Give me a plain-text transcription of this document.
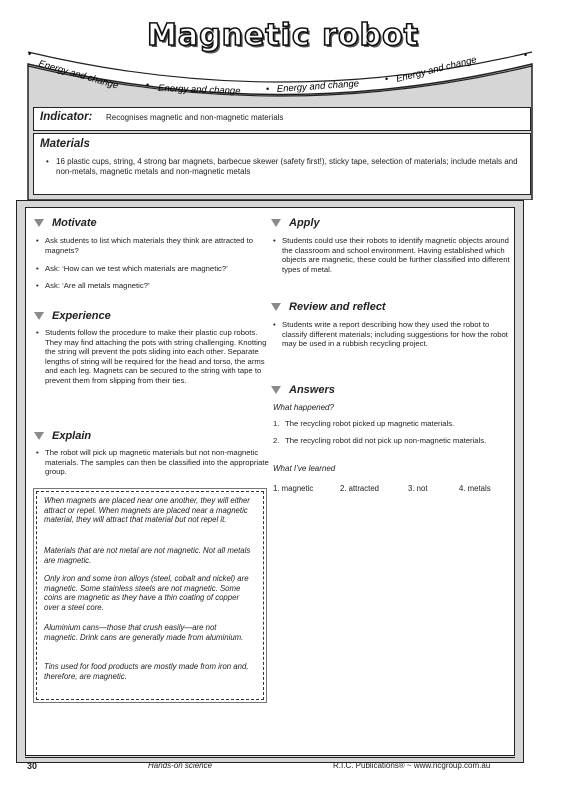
Magnetic robot
•
Energy and change	• Energy and change	• Energy and change	• Energy and change	•
Indicator: Recognises magnetic and non-magnetic materials
Materials
• 16 plastic cups, string, 4 strong bar magnets, barbecue skewer (safety first!), sticky tape, selection of materials; include metals and non-metals, magnetic metals and non-magnetic metals
Motivate
• Ask students to list which materials they think are attracted to magnets?
• Ask: ‘How can we test which materials are magnetic?’
• Ask: ‘Are all metals magnetic?’
Experience
• Students follow the procedure to make their plastic cup robots. They may find attaching the pots with string challenging. Knotting the string will prevent the pots sliding into each other. Separate lengths of string will be required for the head and torso, the arms and each leg. Magnets can be secured to the string with tape to prevent them from slipping from their ties.
Explain
• The robot will pick up magnetic materials but not non-magnetic materials. The samples can then be classified into the appropriate group.
When magnets are placed near one another, they will either attract or repel. When magnets are placed near a magnetic material, they will attract that material but not repel it.
Materials that are not metal are not magnetic. Not all metals are magnetic.
Only iron and some iron alloys (steel, cobalt and nickel) are magnetic. Some stainless steels are not magnetic. Some coins are magnetic as they have a thin coating of copper over a steel core.
Aluminium cans—those that crush easily—are not magnetic. Drink cans are generally made from aluminium.
Tins used for food products are mostly made from iron and, therefore, are magnetic.
Apply
• Students could use their robots to identify magnetic objects around the classroom and school environment. Having established which objects are magnetic, these could be further classified into different types of metal.
Review and reflect
• Students write a report describing how they used the robot to classify different materials; including suggestions for how the robot may be used in a rubbish recycling project.
Answers
What happened?
1. The recycling robot picked up magnetic materials.
2. The recycling robot did not pick up non-magnetic materials.
What I’ve learned
1. magnetic	2. attracted	3. not	4. metals
30	Hands-on science	R.I.C. Publications® ~ www.ricgroup.com.au
